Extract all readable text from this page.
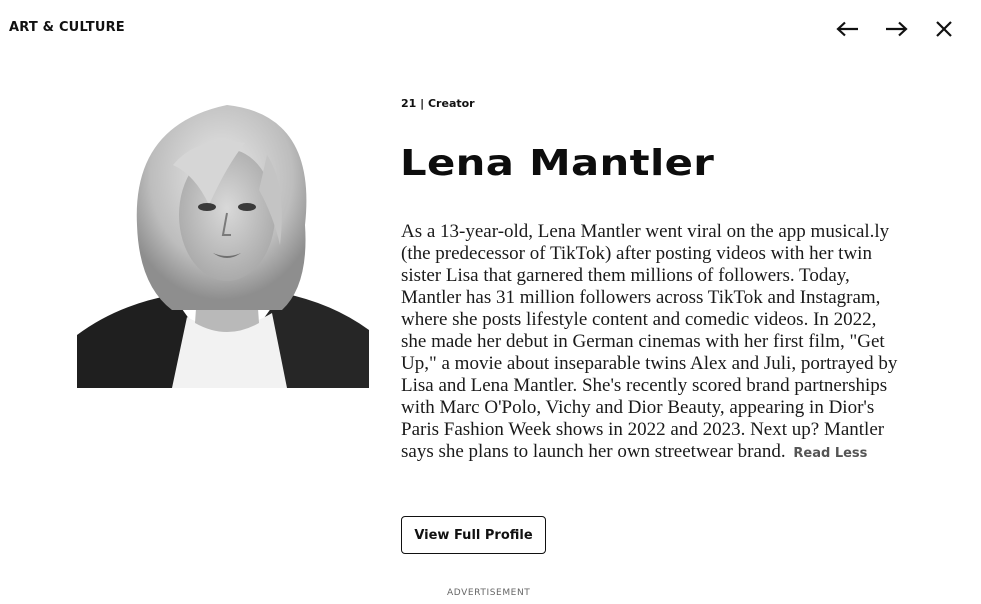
ART & CULTURE
21 | Creator
Lena Mantler

As a 13-year-old, Lena Mantler went viral on the app musical.ly (the predecessor of TikTok) after posting videos with her twin sister Lisa that garnered them millions of followers. Today, Mantler has 31 million followers across TikTok and Instagram, where she posts lifestyle content and comedic videos. In 2022, she made her debut in German cinemas with her first film, "Get Up," a movie about inseparable twins Alex and Juli, portrayed by Lisa and Lena Mantler. She's recently scored brand partnerships with Marc O'Polo, Vichy and Dior Beauty, appearing in Dior's Paris Fashion Week shows in 2022 and 2023. Next up? Mantler says she plans to launch her own streetwear brand. Read Less

View Full Profile
ADVERTISEMENT
